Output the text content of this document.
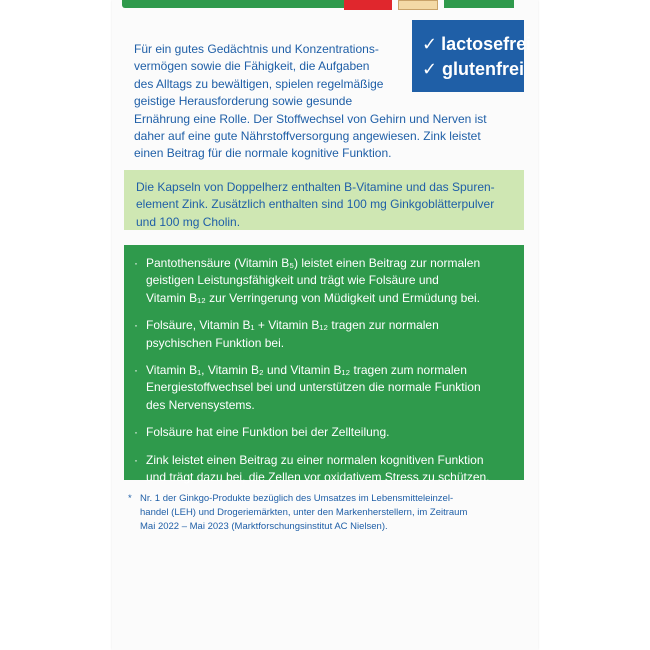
✓ lactosefrei
✓ glutenfrei
Für ein gutes Gedächtnis und Konzentrations-
vermögen sowie die Fähigkeit, die Aufgaben
des Alltags zu bewältigen, spielen regelmäßige
geistige Herausforderung sowie gesunde
Ernährung eine Rolle. Der Stoffwechsel von Gehirn und Nerven ist
daher auf eine gute Nährstoffversorgung angewiesen. Zink leistet
einen Beitrag für die normale kognitive Funktion.
Die Kapseln von Doppelherz enthalten B-Vitamine und das Spuren-
element Zink. Zusätzlich enthalten sind 100 mg Ginkgoblätterpulver
und 100 mg Cholin.
· Pantothensäure (Vitamin B₅) leistet einen Beitrag zur normalen
geistigen Leistungsfähigkeit und trägt wie Folsäure und
Vitamin B₁₂ zur Verringerung von Müdigkeit und Ermüdung bei.
· Folsäure, Vitamin B₁ + Vitamin B₁₂ tragen zur normalen
psychischen Funktion bei.
· Vitamin B₁, Vitamin B₂ und Vitamin B₁₂ tragen zum normalen
Energiestoffwechsel bei und unterstützen die normale Funktion
des Nervensystems.
· Folsäure hat eine Funktion bei der Zellteilung.
· Zink leistet einen Beitrag zu einer normalen kognitiven Funktion
und trägt dazu bei, die Zellen vor oxidativem Stress zu schützen.
* Nr. 1 der Ginkgo-Produkte bezüglich des Umsatzes im Lebensmitteleinzel-
handel (LEH) und Drogeriemärkten, unter den Markenherstellern, im Zeitraum
Mai 2022 – Mai 2023 (Marktforschungsinstitut AC Nielsen).
